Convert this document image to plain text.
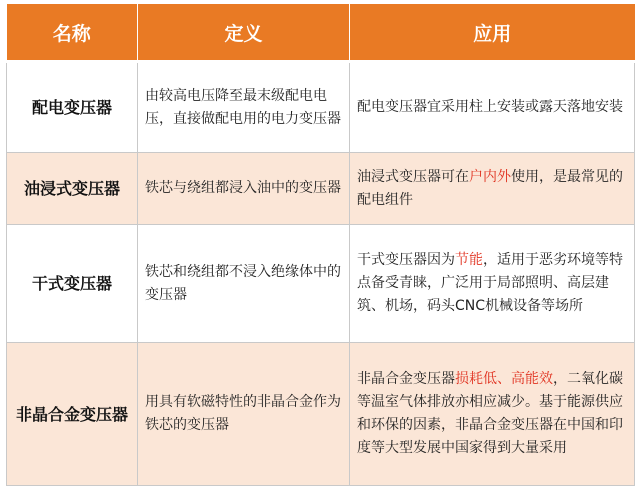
名称	定义	应用
配电变压器	由较高电压降至最末级配电电压，直接做配电用的电力变压器	配电变压器宜采用柱上安装或露天落地安装
油浸式变压器	铁芯与绕组都浸入油中的变压器	油浸式变压器可在户内外使用，是最常见的配电组件
干式变压器	铁芯和绕组都不浸入绝缘体中的变压器	干式变压器因为节能，适用于恶劣环境等特点备受青睐，广泛用于局部照明、高层建筑、机场，码头CNC机械设备等场所
非晶合金变压器	用具有软磁特性的非晶合金作为铁芯的变压器	非晶合金变压器损耗低、高能效，二氧化碳等温室气体排放亦相应减少。基于能源供应和环保的因素，非晶合金变压器在中国和印度等大型发展中国家得到大量采用
